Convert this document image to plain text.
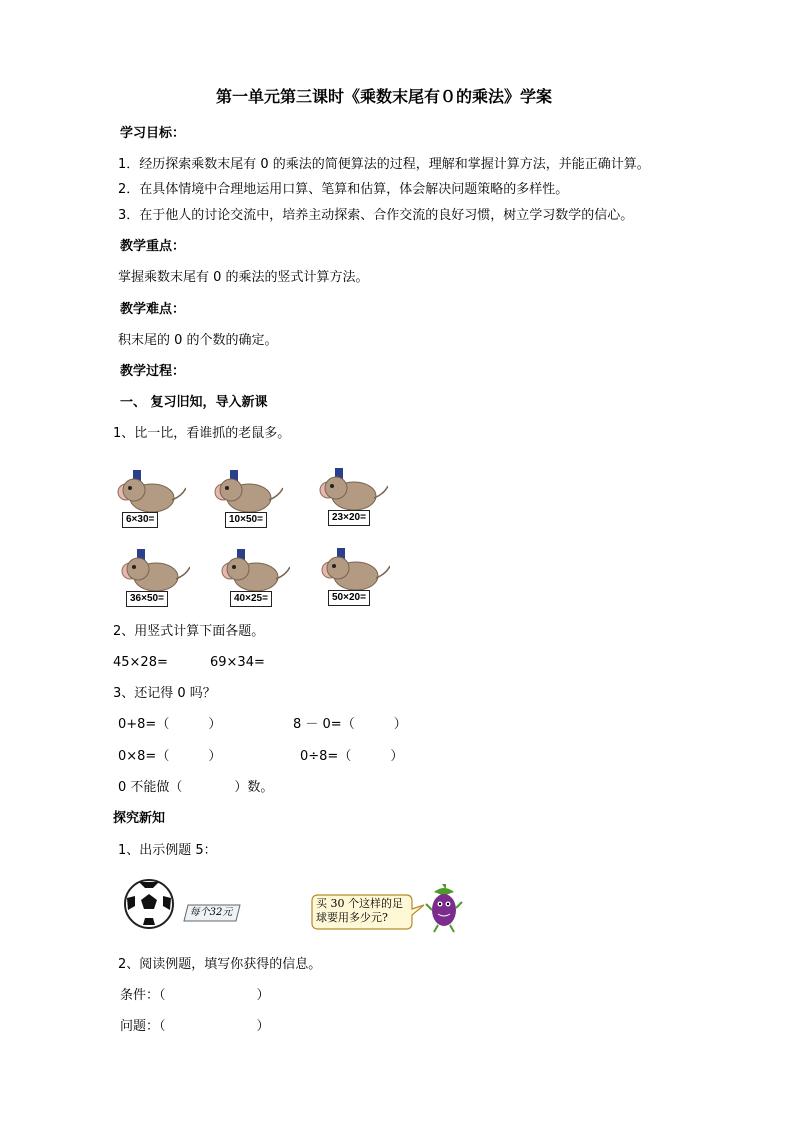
第一单元第三课时《乘数末尾有０的乘法》学案
学习目标：
1．经历探索乘数末尾有 0 的乘法的简便算法的过程，理解和掌握计算方法，并能正确计算。
2．在具体情境中合理地运用口算、笔算和估算，体会解决问题策略的多样性。
3．在于他人的讨论交流中，培养主动探索、合作交流的良好习惯，树立学习数学的信心。
教学重点：
掌握乘数末尾有 0 的乘法的竖式计算方法。
教学难点：
积末尾的 0 的个数的确定。
教学过程：
一、 复习旧知，导入新课
1、比一比，看谁抓的老鼠多。
6×30=	10×50=	23×20=
36×50=	40×25=	50×20=
2、用竖式计算下面各题。
45×28=	69×34=
3、还记得 0 吗？
0+8=（　　　）	8 － 0=（　　　）
0×8=（　　　）	0÷8=（　　　）
0 不能做（　　　　）数。
探究新知
1、出示例题 5：
每个32元
买 30 个这样的足球要用多少元?
2、阅读例题，填写你获得的信息。
条件：（　　　　　　　）
问题：（　　　　　　　）
